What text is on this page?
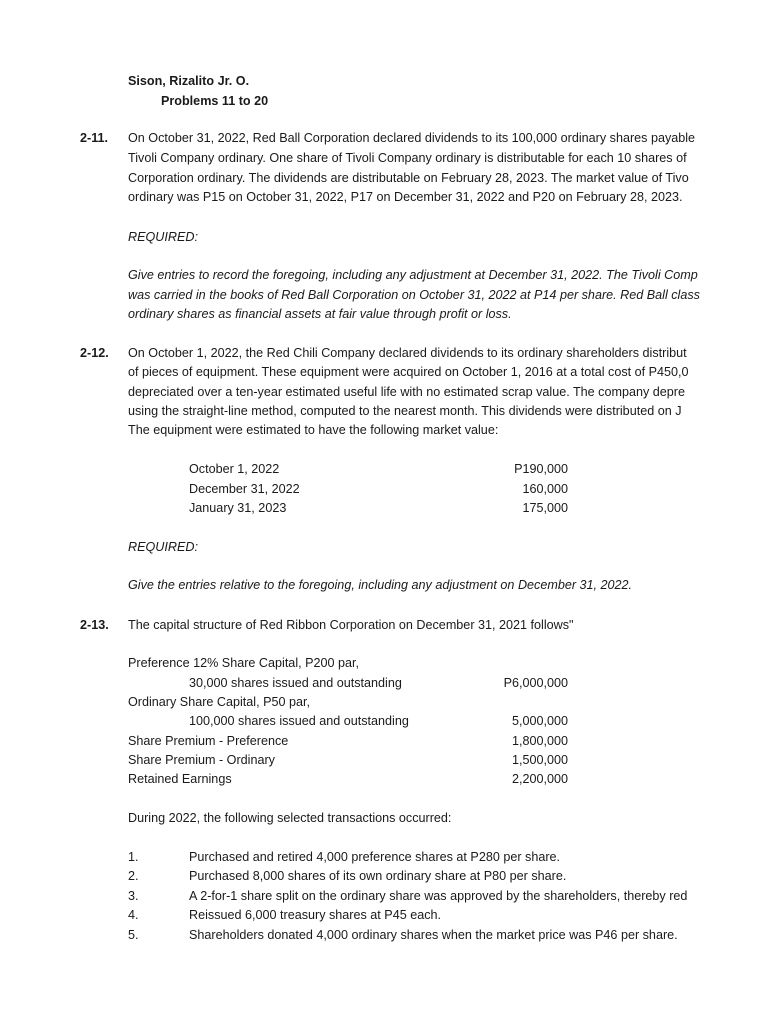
Sison, Rizalito Jr. O.
Problems 11 to 20
2-11. On October 31, 2022, Red Ball Corporation declared dividends to its 100,000 ordinary shares payable
Tivoli Company ordinary. One share of Tivoli Company ordinary is distributable for each 10 shares of
Corporation ordinary. The dividends are distributable on February 28, 2023. The market value of Tivo
ordinary was P15 on October 31, 2022, P17 on December 31, 2022 and P20 on February 28, 2023.
REQUIRED:
Give entries to record the foregoing, including any adjustment at December 31, 2022. The Tivoli Comp
was carried in the books of Red Ball Corporation on October 31, 2022 at P14 per share. Red Ball class
ordinary shares as financial assets at fair value through profit or loss.
2-12. On October 1, 2022, the Red Chili Company declared dividends to its ordinary shareholders distribut
of pieces of equipment. These equipment were acquired on October 1, 2016 at a total cost of P450,0
depreciated over a ten-year estimated useful life with no estimated scrap value. The company depre
using the straight-line method, computed to the nearest month. This dividends were distributed on J
The equipment were estimated to have the following market value:
October 1, 2022	P190,000
December 31, 2022	160,000
January 31, 2023	175,000
REQUIRED:
Give the entries relative to the foregoing, including any adjustment on December 31, 2022.
2-13. The capital structure of Red Ribbon Corporation on December 31, 2021 follows"
Preference 12% Share Capital, P200 par,
30,000 shares issued and outstanding	P6,000,000
Ordinary Share Capital, P50 par,
100,000 shares issued and outstanding	5,000,000
Share Premium - Preference	1,800,000
Share Premium - Ordinary	1,500,000
Retained Earnings	2,200,000
During 2022, the following selected transactions occurred:
1.	Purchased and retired 4,000 preference shares at P280 per share.
2.	Purchased 8,000 shares of its own ordinary share at P80 per share.
3.	A 2-for-1 share split on the ordinary share was approved by the shareholders, thereby red
4.	Reissued 6,000 treasury shares at P45 each.
5.	Shareholders donated 4,000 ordinary shares when the market price was P46 per share.
